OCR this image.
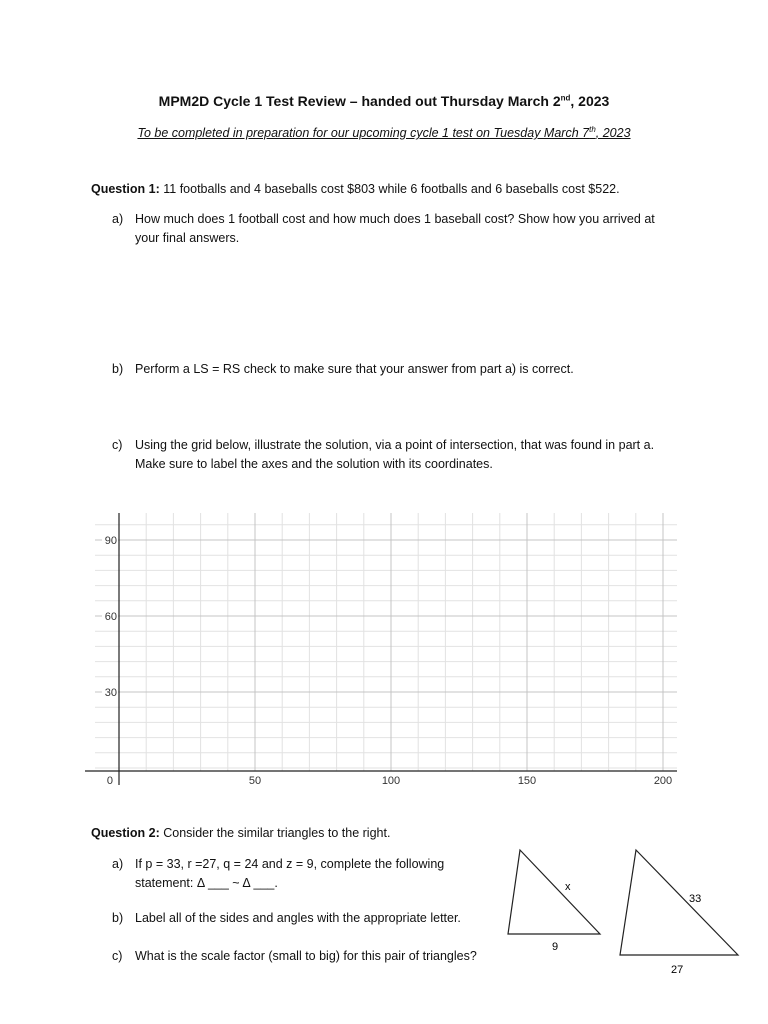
MPM2D Cycle 1 Test Review – handed out Thursday March 2nd, 2023
To be completed in preparation for our upcoming cycle 1 test on Tuesday March 7th, 2023
Question 1: 11 footballs and 4 baseballs cost $803 while 6 footballs and 6 baseballs cost $522.
a) How much does 1 football cost and how much does 1 baseball cost? Show how you arrived at
your final answers.
b) Perform a LS = RS check to make sure that your answer from part a) is correct.
c) Using the grid below, illustrate the solution, via a point of intersection, that was found in part a.
Make sure to label the axes and the solution with its coordinates.
0	50	100	150	200
30
60
90
Question 2: Consider the similar triangles to the right.
a) If p = 33, r =27, q = 24 and z = 9, complete the following
statement: Δ ___ ~ Δ ___.
b) Label all of the sides and angles with the appropriate letter.
c) What is the scale factor (small to big) for this pair of triangles?
x
9
33
27
